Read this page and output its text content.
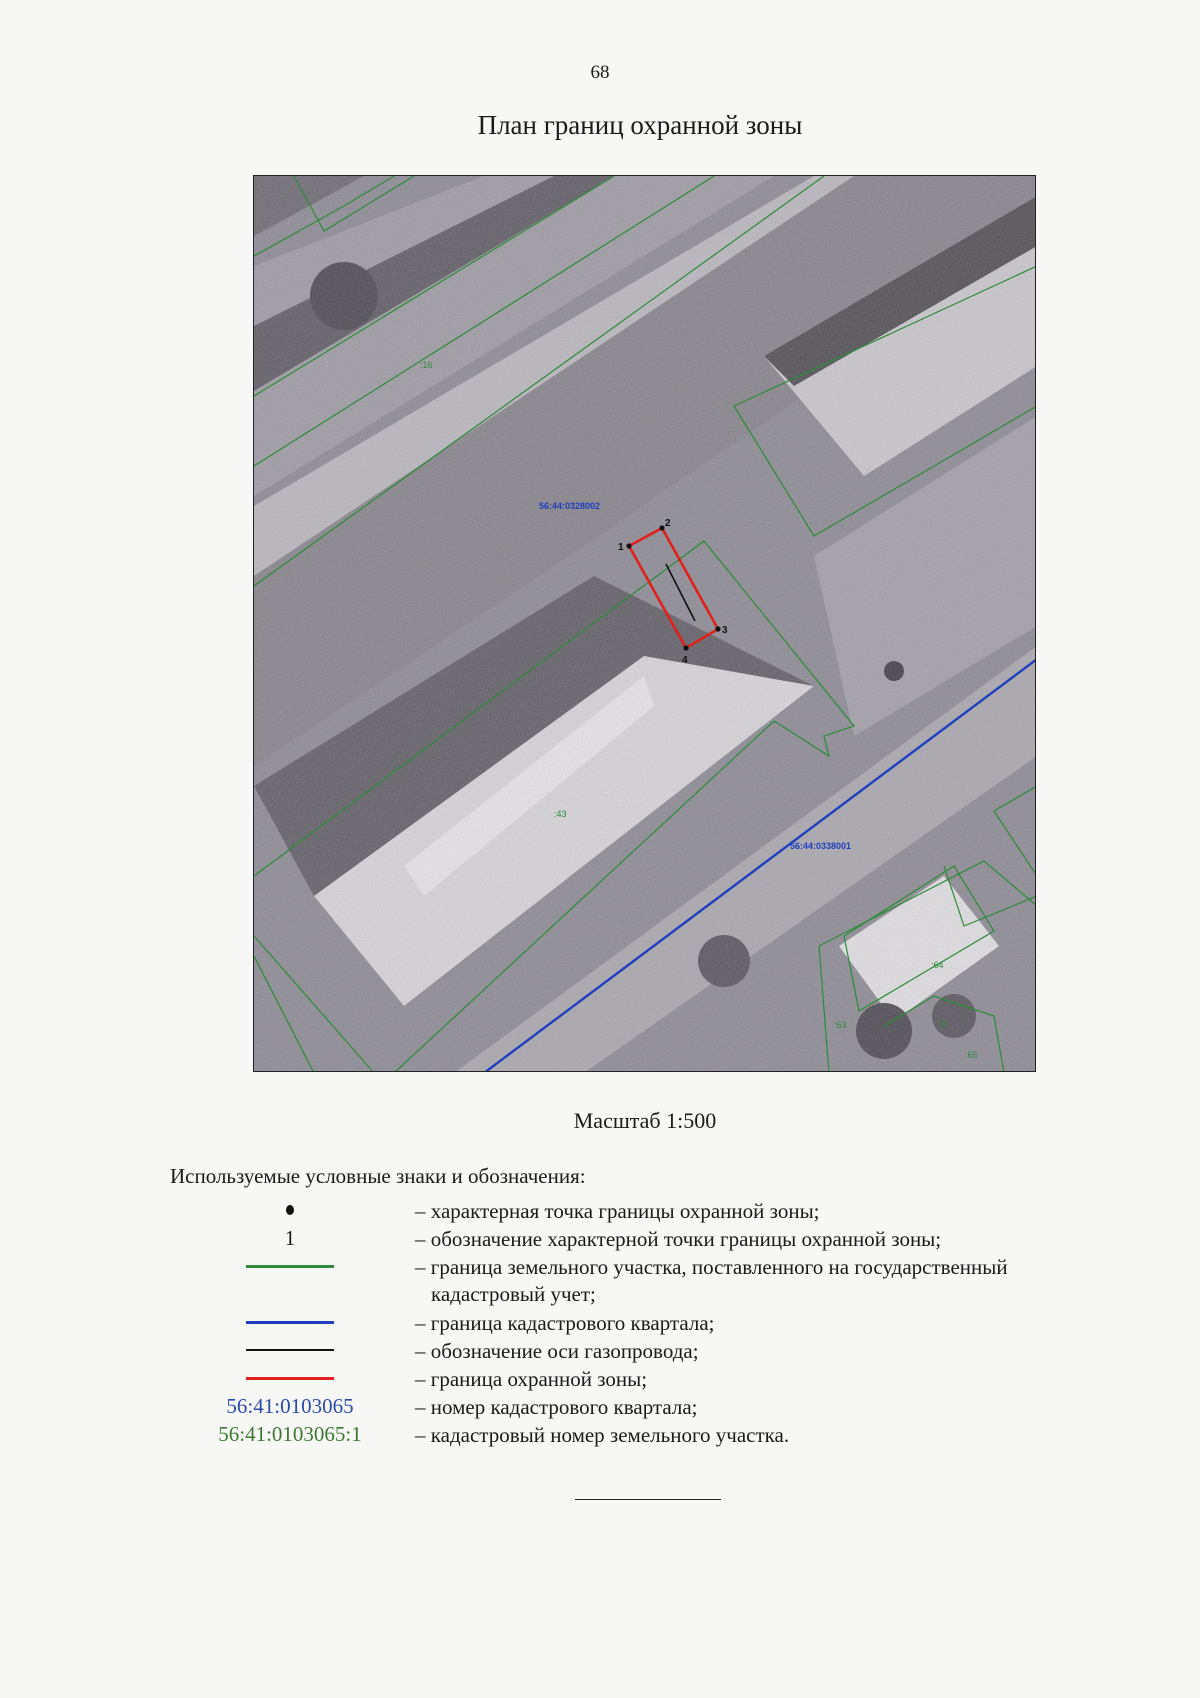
68
План границ охранной зоны
1
2
3
4
56:44:0328002
56:44:0338001
:16
:43
:64
:63
:65
:9
Масштаб 1:500
Используемые условные знаки и обозначения:
– характерная точка границы охранной зоны;
1	– обозначение характерной точки границы охранной зоны;
– граница земельного участка, поставленного на государственный
кадастровый учет;
– граница кадастрового квартала;
– обозначение оси газопровода;
– граница охранной зоны;
56:41:0103065	– номер кадастрового квартала;
56:41:0103065:1	– кадастровый номер земельного участка.
